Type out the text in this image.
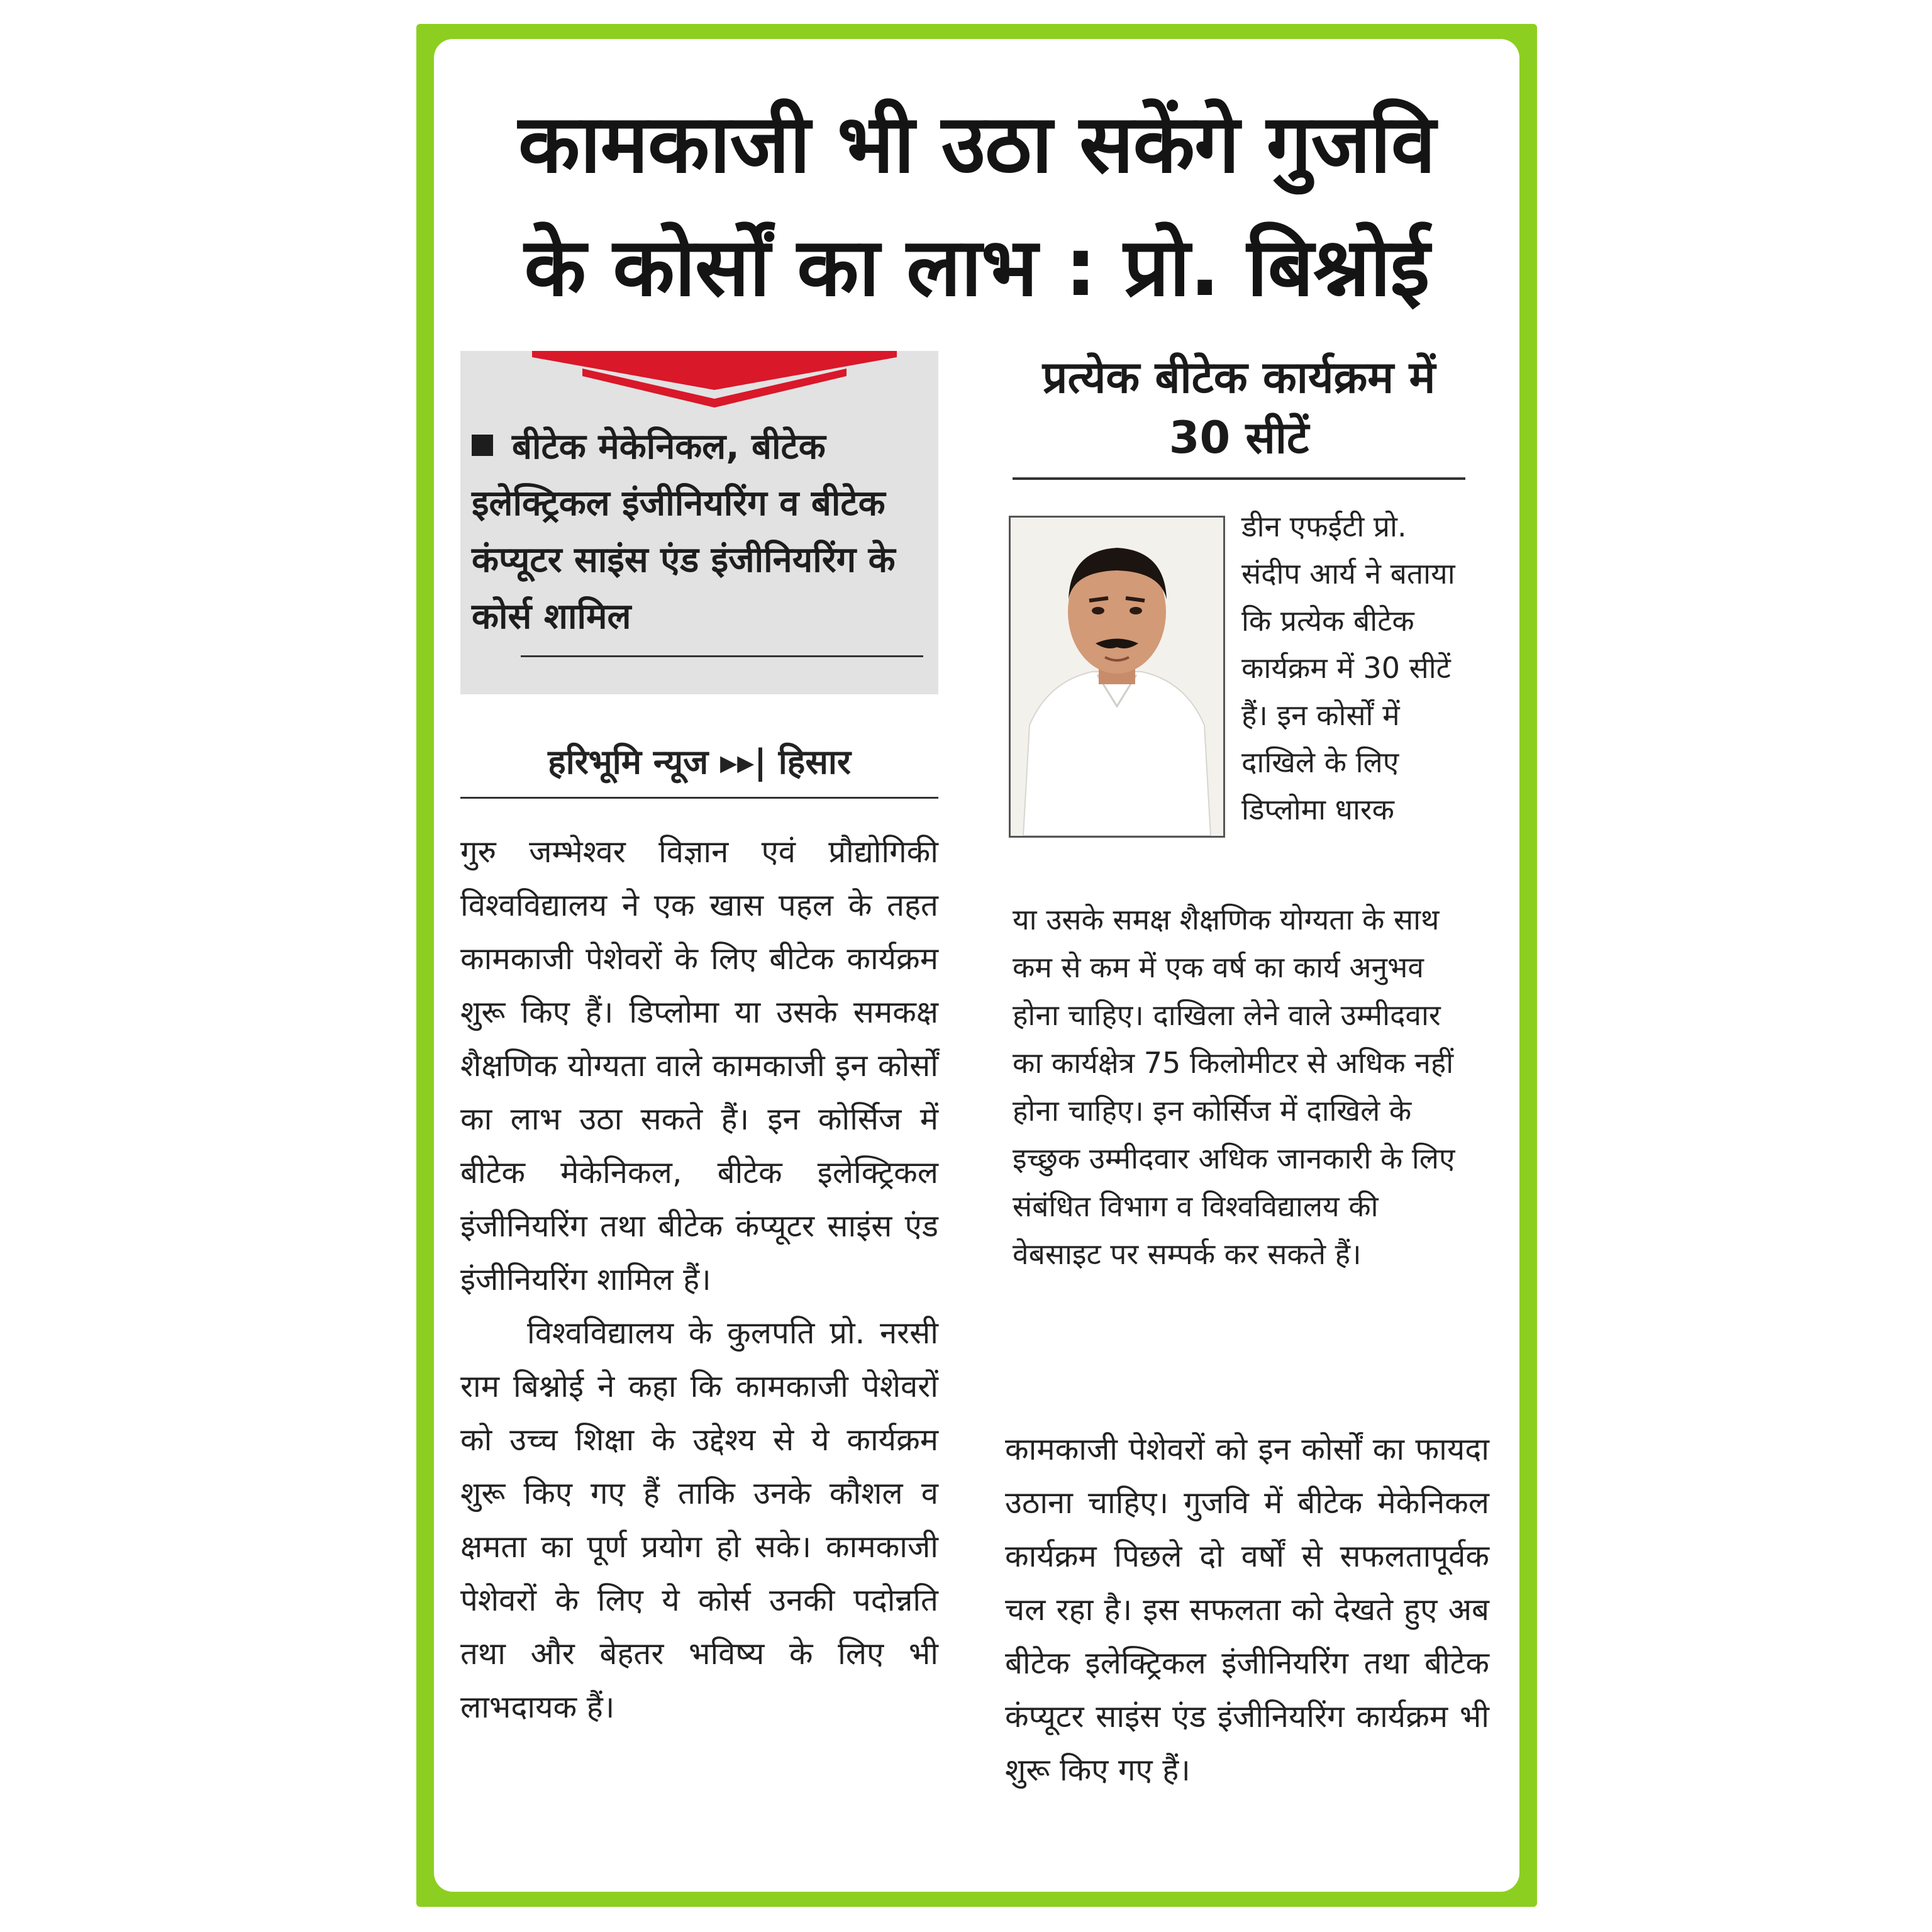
कामकाजी भी उठा सकेंगे गुजवि
के कोर्सों का लाभ : प्रो. बिश्नोई

बीटेक मेकेनिकल, बीटेक इलेक्ट्रिकल इंजीनियरिंग व बीटेक कंप्यूटर साइंस एंड इंजीनियरिंग के कोर्स शामिल

हरिभूमि न्यूज ▸▸| हिसार

गुरु जम्भेश्वर विज्ञान एवं प्रौद्योगिकी विश्वविद्यालय ने एक खास पहल के तहत कामकाजी पेशेवरों के लिए बीटेक कार्यक्रम शुरू किए हैं। डिप्लोमा या उसके समकक्ष शैक्षणिक योग्यता वाले कामकाजी इन कोर्सों का लाभ उठा सकते हैं। इन कोर्सिज में बीटेक मेकेनिकल, बीटेक इलेक्ट्रिकल इंजीनियरिंग तथा बीटेक कंप्यूटर साइंस एंड इंजीनियरिंग शामिल हैं।

विश्वविद्यालय के कुलपति प्रो. नरसी राम बिश्नोई ने कहा कि कामकाजी पेशेवरों को उच्च शिक्षा के उद्देश्य से ये कार्यक्रम शुरू किए गए हैं ताकि उनके कौशल व क्षमता का पूर्ण प्रयोग हो सके। कामकाजी पेशेवरों के लिए ये कोर्स उनकी पदोन्नति तथा और बेहतर भविष्य के लिए भी लाभदायक हैं।

प्रत्येक बीटेक कार्यक्रम में 30 सीटें

डीन एफईटी प्रो. संदीप आर्य ने बताया कि प्रत्येक बीटेक कार्यक्रम में 30 सीटें हैं। इन कोर्सों में दाखिले के लिए डिप्लोमा धारक

या उसके समक्ष शैक्षणिक योग्यता के साथ कम से कम में एक वर्ष का कार्य अनुभव होना चाहिए। दाखिला लेने वाले उम्मीदवार का कार्यक्षेत्र 75 किलोमीटर से अधिक नहीं होना चाहिए। इन कोर्सिज में दाखिले के इच्छुक उम्मीदवार अधिक जानकारी के लिए संबंधित विभाग व विश्वविद्यालय की वेबसाइट पर सम्पर्क कर सकते हैं।

कामकाजी पेशेवरों को इन कोर्सों का फायदा उठाना चाहिए। गुजवि में बीटेक मेकेनिकल कार्यक्रम पिछले दो वर्षों से सफलतापूर्वक चल रहा है। इस सफलता को देखते हुए अब बीटेक इलेक्ट्रिकल इंजीनियरिंग तथा बीटेक कंप्यूटर साइंस एंड इंजीनियरिंग कार्यक्रम भी शुरू किए गए हैं।
